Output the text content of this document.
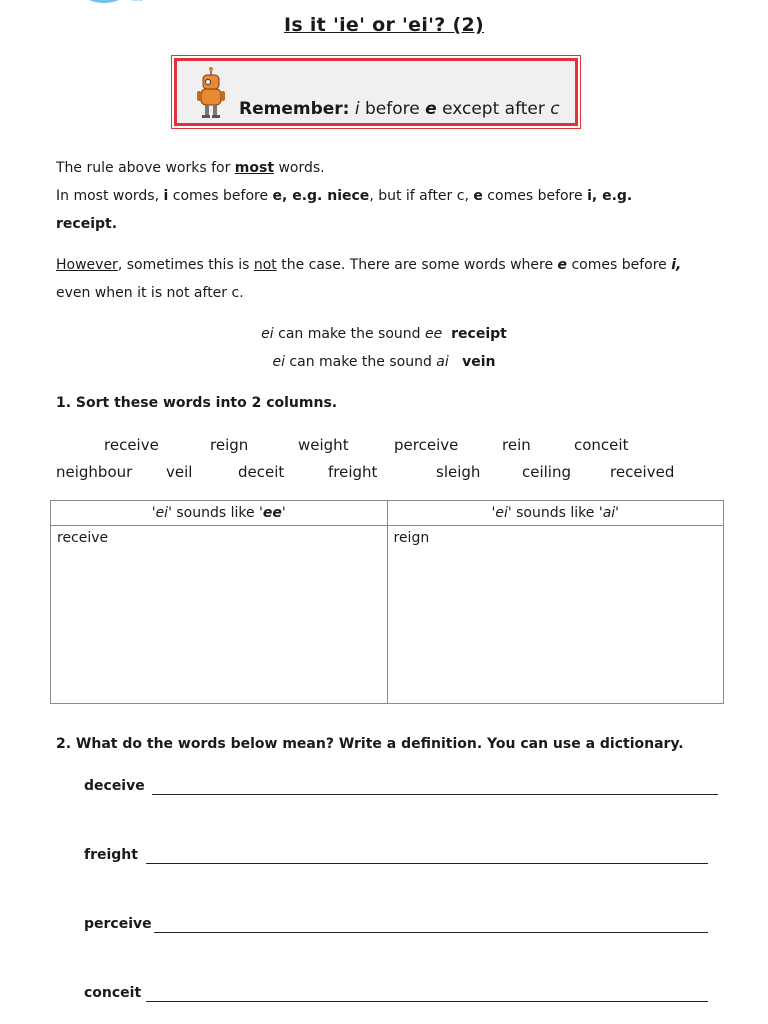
Is it 'ie' or 'ei'? (2)
Remember: i before e except after c
The rule above works for most words.
In most words, i comes before e, e.g. niece, but if after c, e comes before i, e.g.
receipt.
However, sometimes this is not the case. There are some words where e comes before i,
even when it is not after c.
ei can make the sound ee receipt
ei can make the sound ai vein
1. Sort these words into 2 columns.
receive	reign	weight	perceive	rein	conceit
neighbour veil	deceit	freight	sleigh	ceiling	received
'ei' sounds like 'ee'	'ei' sounds like 'ai'
receive	reign
2. What do the words below mean? Write a definition. You can use a dictionary.
deceive
freight
perceive
conceit
